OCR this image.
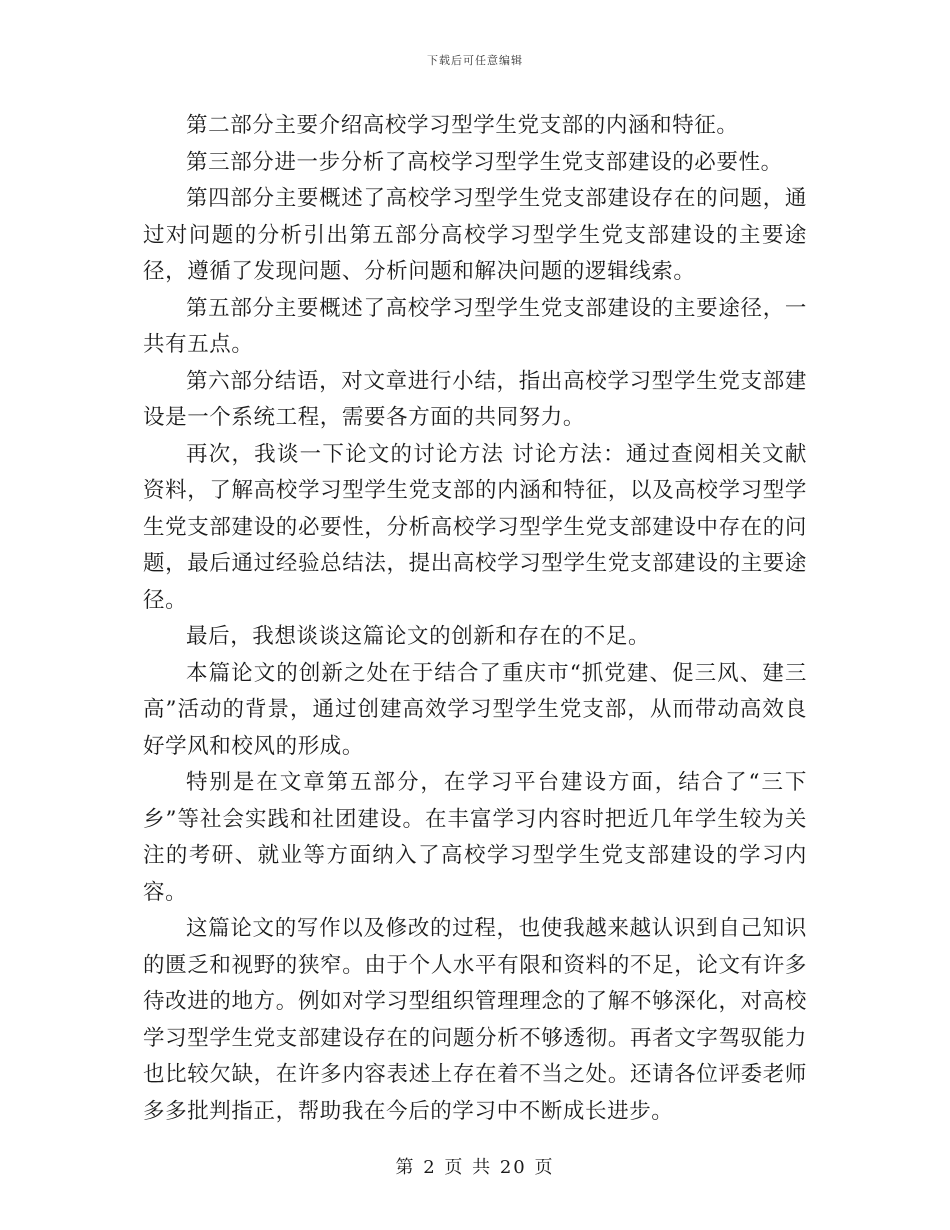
下载后可任意编辑

第二部分主要介绍高校学习型学生党支部的内涵和特征。

第三部分进一步分析了高校学习型学生党支部建设的必要性。

第四部分主要概述了高校学习型学生党支部建设存在的问题，通过对问题的分析引出第五部分高校学习型学生党支部建设的主要途径，遵循了发现问题、分析问题和解决问题的逻辑线索。

第五部分主要概述了高校学习型学生党支部建设的主要途径，一共有五点。

第六部分结语，对文章进行小结，指出高校学习型学生党支部建设是一个系统工程，需要各方面的共同努力。

再次，我谈一下论文的讨论方法 讨论方法：通过查阅相关文献资料，了解高校学习型学生党支部的内涵和特征，以及高校学习型学生党支部建设的必要性，分析高校学习型学生党支部建设中存在的问题，最后通过经验总结法，提出高校学习型学生党支部建设的主要途径。

最后，我想谈谈这篇论文的创新和存在的不足。

本篇论文的创新之处在于结合了重庆市“抓党建、促三风、建三高”活动的背景，通过创建高效学习型学生党支部，从而带动高效良好学风和校风的形成。

特别是在文章第五部分，在学习平台建设方面，结合了“三下乡”等社会实践和社团建设。在丰富学习内容时把近几年学生较为关注的考研、就业等方面纳入了高校学习型学生党支部建设的学习内容。

这篇论文的写作以及修改的过程，也使我越来越认识到自己知识的匮乏和视野的狭窄。由于个人水平有限和资料的不足，论文有许多待改进的地方。例如对学习型组织管理理念的了解不够深化，对高校学习型学生党支部建设存在的问题分析不够透彻。再者文字驾驭能力也比较欠缺，在许多内容表述上存在着不当之处。还请各位评委老师多多批判指正，帮助我在今后的学习中不断成长进步。

第 2 页 共 20 页
